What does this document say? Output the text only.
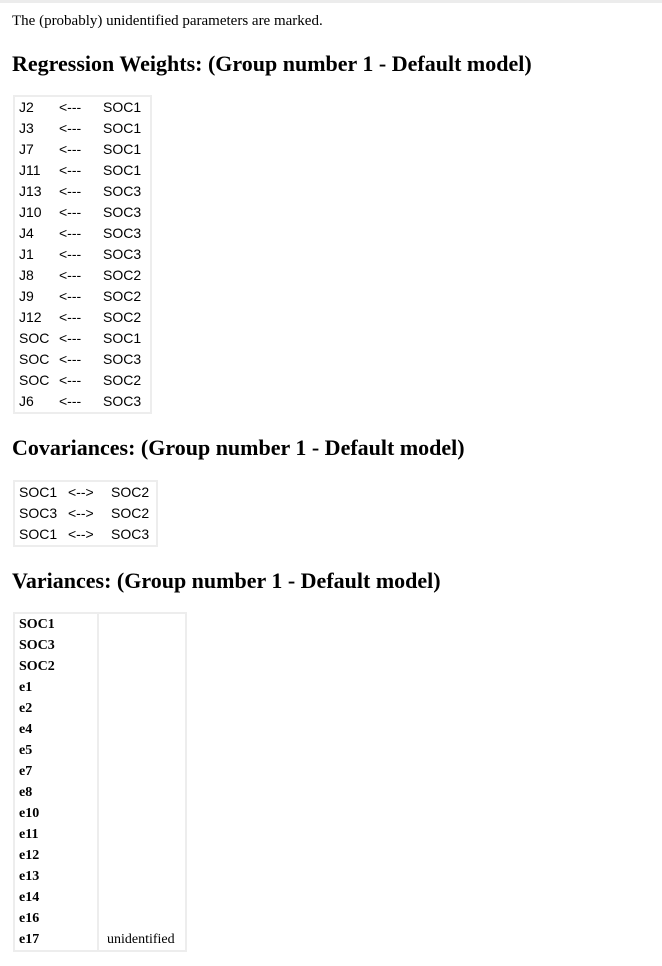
The (probably) unidentified parameters are marked.
Regression Weights: (Group number 1 - Default model)
J2	<---	SOC1
J3	<---	SOC1
J7	<---	SOC1
J11	<---	SOC1
J13	<---	SOC3
J10	<---	SOC3
J4	<---	SOC3
J1	<---	SOC3
J8	<---	SOC2
J9	<---	SOC2
J12	<---	SOC2
SOC	<---	SOC1
SOC	<---	SOC3
SOC	<---	SOC2
J6	<---	SOC3
Covariances: (Group number 1 - Default model)
SOC1	<-->	SOC2
SOC3	<-->	SOC2
SOC1	<-->	SOC3
Variances: (Group number 1 - Default model)
SOC1	
SOC3	
SOC2	
e1	
e2	
e4	
e5	
e7	
e8	
e10	
e11	
e12	
e13	
e14	
e16	
e17	unidentified
